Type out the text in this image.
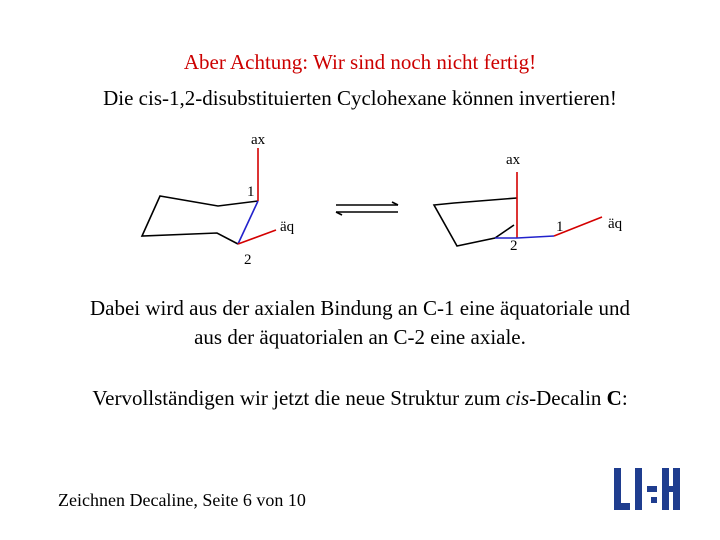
Aber Achtung: Wir sind noch nicht fertig!
Die cis-1,2-disubstituierten Cyclohexane können invertieren!
ax
1
äq
2
ax
1	äq
2
Dabei wird aus der axialen Bindung an C-1 eine äquatoriale und
aus der äquatorialen an C-2 eine axiale.
Vervollständigen wir jetzt die neue Struktur zum cis-Decalin C:
Zeichnen Decaline, Seite 6 von 10
